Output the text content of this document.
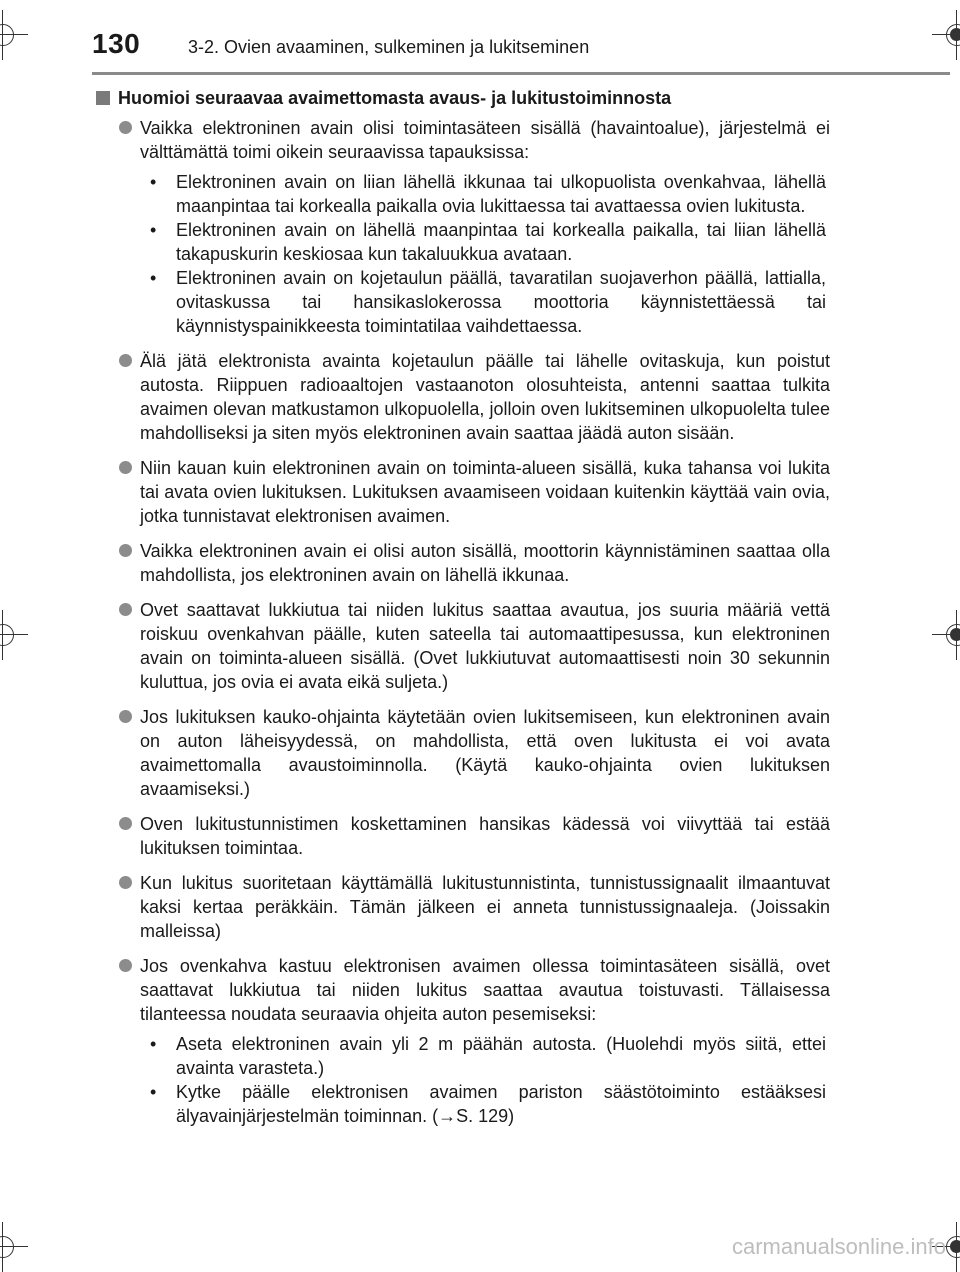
130	3-2. Ovien avaaminen, sulkeminen ja lukitseminen
Huomioi seuraavaa avaimettomasta avaus- ja lukitustoiminnosta
Vaikka elektroninen avain olisi toimintasäteen sisällä (havaintoalue), järjestelmä ei välttämättä toimi oikein seuraavissa tapauksissa:
• Elektroninen avain on liian lähellä ikkunaa tai ulkopuolista ovenkahvaa, lähellä maanpintaa tai korkealla paikalla ovia lukittaessa tai avattaessa ovien lukitusta.
• Elektroninen avain on lähellä maanpintaa tai korkealla paikalla, tai liian lähellä takapuskurin keskiosaa kun takaluukkua avataan.
• Elektroninen avain on kojetaulun päällä, tavaratilan suojaverhon päällä, lattialla, ovitaskussa tai hansikaslokerossa moottoria käynnistettäessä tai käynnistyspainikkeesta toimintatilaa vaihdettaessa.
Älä jätä elektronista avainta kojetaulun päälle tai lähelle ovitaskuja, kun poistut autosta. Riippuen radioaaltojen vastaanoton olosuhteista, antenni saattaa tulkita avaimen olevan matkustamon ulkopuolella, jolloin oven lukitseminen ulkopuolelta tulee mahdolliseksi ja siten myös elektroninen avain saattaa jäädä auton sisään.
Niin kauan kuin elektroninen avain on toiminta-alueen sisällä, kuka tahansa voi lukita tai avata ovien lukituksen. Lukituksen avaamiseen voidaan kuitenkin käyttää vain ovia, jotka tunnistavat elektronisen avaimen.
Vaikka elektroninen avain ei olisi auton sisällä, moottorin käynnistäminen saattaa olla mahdollista, jos elektroninen avain on lähellä ikkunaa.
Ovet saattavat lukkiutua tai niiden lukitus saattaa avautua, jos suuria määriä vettä roiskuu ovenkahvan päälle, kuten sateella tai automaattipesussa, kun elektroninen avain on toiminta-alueen sisällä. (Ovet lukkiutuvat automaattisesti noin 30 sekunnin kuluttua, jos ovia ei avata eikä suljeta.)
Jos lukituksen kauko-ohjainta käytetään ovien lukitsemiseen, kun elektroninen avain on auton läheisyydessä, on mahdollista, että oven lukitusta ei voi avata avaimettomalla avaustoiminnolla. (Käytä kauko-ohjainta ovien lukituksen avaamiseksi.)
Oven lukitustunnistimen koskettaminen hansikas kädessä voi viivyttää tai estää lukituksen toimintaa.
Kun lukitus suoritetaan käyttämällä lukitustunnistinta, tunnistussignaalit ilmaantuvat kaksi kertaa peräkkäin. Tämän jälkeen ei anneta tunnistussignaaleja. (Joissakin malleissa)
Jos ovenkahva kastuu elektronisen avaimen ollessa toimintasäteen sisällä, ovet saattavat lukkiutua tai niiden lukitus saattaa avautua toistuvasti. Tällaisessa tilanteessa noudata seuraavia ohjeita auton pesemiseksi:
• Aseta elektroninen avain yli 2 m päähän autosta. (Huolehdi myös siitä, ettei avainta varasteta.)
• Kytke päälle elektronisen avaimen pariston säästötoiminto estääksesi älyavainjärjestelmän toiminnan. (→S. 129)
carmanualsonline.info
